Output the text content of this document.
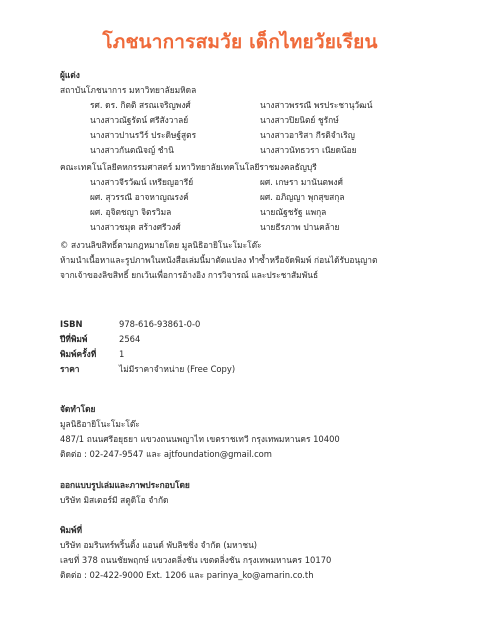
โภชนาการสมวัย เด็กไทยวัยเรียน
ผู้แต่ง
สถาบันโภชนาการ มหาวิทยาลัยมหิดล
รศ. ดร. กิตติ สรณเจริญพงศ์	นางสาวพรรณี พรประชานุวัฒน์
นางสาวณัฐรัตน์ ศรีสังวาลย์	นางสาวปิยนิตย์ ชูรักษ์
นางสาวปานรวีร์ ประดิษฐ์สูตร	นางสาวอาริสา กีรติจำเริญ
นางสาวกันตณิจญ์ ชำนิ	นางสาวนัทธวรา เนียดน้อย
คณะเทคโนโลยีคหกรรมศาสตร์ มหาวิทยาลัยเทคโนโลยีราชมงคลธัญบุรี
นางสาวจีรวัฒน์ เหรียญอารีย์	ผศ. เกษรา มานันตพงศ์
ผศ. สุวรรณี อาจหาญณรงค์	ผศ. อภิญญา พุกสุขสกุล
ผศ. อุจิตชญา จิตรวิมล	นายณัฐชรัฐ แพกุล
นางสาวชมุด สร้างศรีวงศ์	นายธีรภาพ ปานคล้าย
© สงวนลิขสิทธิ์ตามกฎหมายโดย มูลนิธิอายิโนะโมะโต๊ะ
ห้ามนำเนื้อหาและรูปภาพในหนังสือเล่มนี้มาตัดแปลง ทำซ้ำหรือจัดพิมพ์ ก่อนได้รับอนุญาต
จากเจ้าของลิขสิทธิ์ ยกเว้นเพื่อการอ้างอิง การวิจารณ์ และประชาสัมพันธ์
ISBN	978-616-93861-0-0
ปีที่พิมพ์	2564
พิมพ์ครั้งที่	1
ราคา	ไม่มีราคาจำหน่าย (Free Copy)
จัดทำโดย
มูลนิธิอายิโนะโมะโต๊ะ
487/1 ถนนศรีอยุธยา แขวงถนนพญาไท เขตราชเทวี กรุงเทพมหานคร 10400
ติดต่อ : 02-247-9547 และ ajtfoundation@gmail.com
ออกแบบรูปเล่มและภาพประกอบโดย
บริษัท มิสเตอร์มี สตูดิโอ จำกัด
พิมพ์ที่
บริษัท อมรินทร์พริ้นติ้ง แอนด์ พับลิชชิ่ง จำกัด (มหาชน)
เลขที่ 378 ถนนชัยพฤกษ์ แขวงตลิ่งชัน เขตตลิ่งชัน กรุงเทพมหานคร 10170
ติดต่อ : 02-422-9000 Ext. 1206 และ parinya_ko@amarin.co.th
